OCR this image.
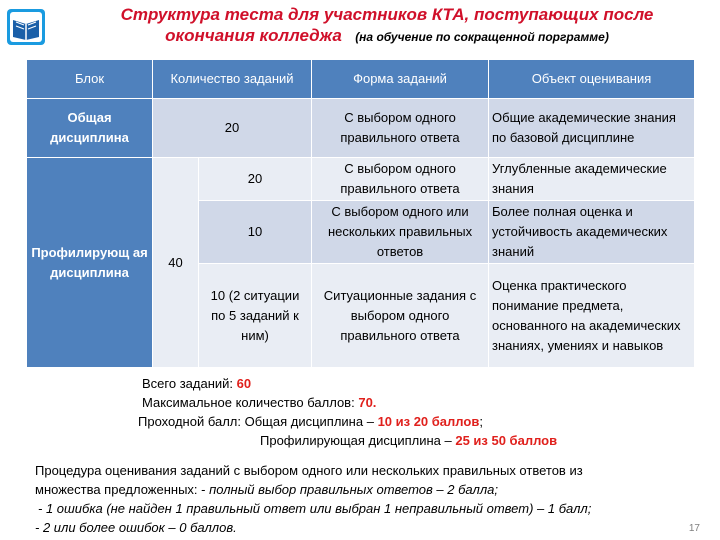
Структура теста для участников КТА, поступающих после
окончания колледжа (на обучение по сокращенной порграмме)
Блок	Количество заданий		Форма заданий	Объект оценивания
Общая дисциплина	20		С выбором одного правильного ответа	Общие академические знания по базовой дисциплине
Профилирующ ая дисциплина	40	20	С выбором одного правильного ответа	Углубленные академические знания
		10	С выбором одного или нескольких правильных ответов	Более полная оценка и устойчивость академических знаний
		10 (2 ситуации по 5 заданий к ним)	Ситуационные задания с выбором одного правильного ответа	Оценка практического понимание предмета, основанного на академических знаниях, умениях и навыков
Всего заданий: 60
Максимальное количество баллов: 70.
Проходной балл: Общая дисциплина – 10 из 20 баллов;
Профилирующая дисциплина – 25 из 50 баллов
Процедура оценивания заданий с выбором одного или нескольких правильных ответов из
множества предложенных: - полный выбор правильных ответов – 2 балла;
- 1 ошибка (не найден 1 правильный ответ или выбран 1 неправильный ответ) – 1 балл;
- 2 или более ошибок – 0 баллов.	17
